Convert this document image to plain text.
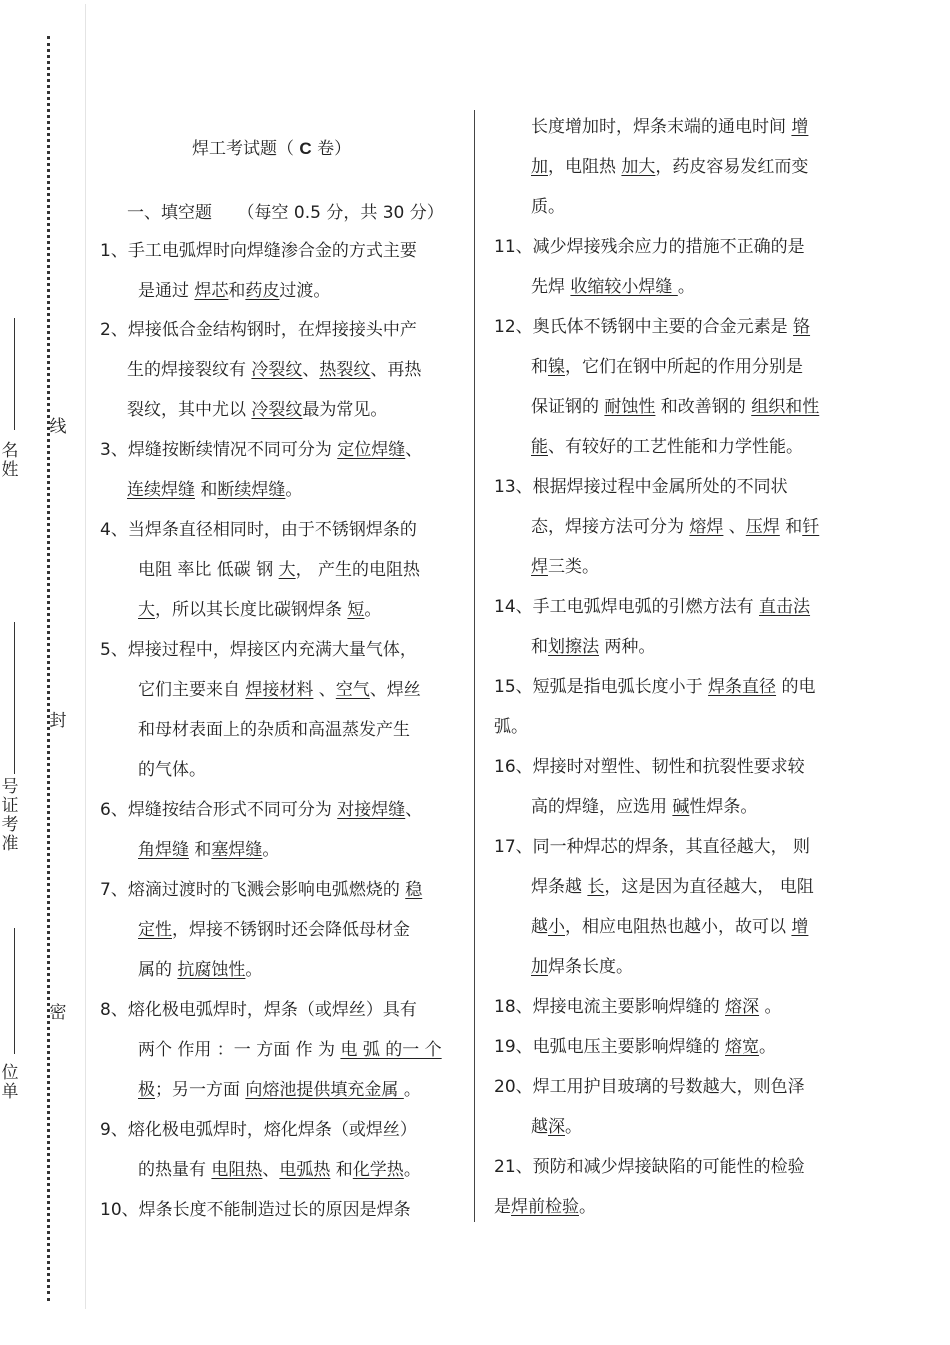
名姓
号证考准
位单
线
封
密
焊工考试题（ C 卷）
一、填空题　　（每空 0.5 分，共 30 分）
1、手工电弧焊时向焊缝渗合金的方式主要
是通过 焊芯和药皮过渡。
2、焊接低合金结构钢时，在焊接接头中产
生的焊接裂纹有 冷裂纹、热裂纹、再热
裂纹，其中尤以 冷裂纹最为常见。
3、焊缝按断续情况不同可分为 定位焊缝、
连续焊缝 和断续焊缝。
4、当焊条直径相同时，由于不锈钢焊条的
电阻 率比 低碳 钢 大， 产生的电阻热
大，所以其长度比碳钢焊条 短。
5、焊接过程中，焊接区内充满大量气体，
它们主要来自 焊接材料 、空气、焊丝
和母材表面上的杂质和高温蒸发产生
的气体。
6、焊缝按结合形式不同可分为 对接焊缝、
角焊缝 和塞焊缝。
7、熔滴过渡时的飞溅会影响电弧燃烧的 稳
定性，焊接不锈钢时还会降低母材金
属的 抗腐蚀性。
8、熔化极电弧焊时，焊条（或焊丝）具有
两个 作用 ：一 方面 作 为 电 弧 的一 个
极；另一方面 向熔池提供填充金属 。
9、熔化极电弧焊时，熔化焊条（或焊丝）
的热量有 电阻热、电弧热 和化学热。
10、焊条长度不能制造过长的原因是焊条
长度增加时，焊条末端的通电时间 增
加，电阻热 加大，药皮容易发红而变
质。
11、减少焊接残余应力的措施不正确的是
先焊 收缩较小焊缝 。
12、奥氏体不锈钢中主要的合金元素是 铬
和镍，它们在钢中所起的作用分别是
保证钢的 耐蚀性 和改善钢的 组织和性
能、有较好的工艺性能和力学性能。
13、根据焊接过程中金属所处的不同状
态，焊接方法可分为 熔焊 、压焊 和钎
焊三类。
14、手工电弧焊电弧的引燃方法有 直击法
和划擦法 两种。
15、短弧是指电弧长度小于 焊条直径 的电
弧。
16、焊接时对塑性、韧性和抗裂性要求较
高的焊缝，应选用 碱性焊条。
17、同一种焊芯的焊条，其直径越大， 则
焊条越 长，这是因为直径越大， 电阻
越小，相应电阻热也越小，故可以 增
加焊条长度。
18、焊接电流主要影响焊缝的 熔深 。
19、电弧电压主要影响焊缝的 熔宽。
20、焊工用护目玻璃的号数越大，则色泽
越深。
21、预防和减少焊接缺陷的可能性的检验
是焊前检验。
